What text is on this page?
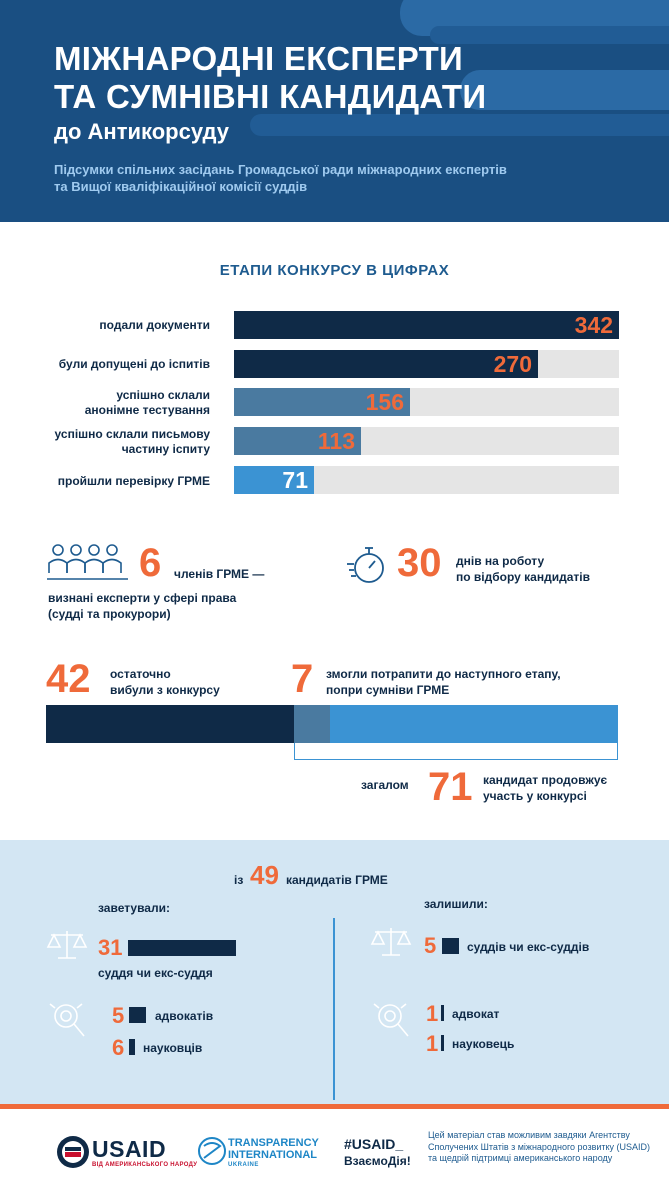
МІЖНАРОДНІ ЕКСПЕРТИ
ТА СУМНІВНІ КАНДИДАТИ
до Антикорсуду
Підсумки спільних засідань Громадської ради міжнародних експертів
та Вищої кваліфікаційної комісії суддів
ЕТАПИ КОНКУРСУ В ЦИФРАХ
подали документи	342
були допущені до іспитів	270
успішно склали анонімне тестування	156
успішно склали письмову частину іспиту	113
пройшли перевірку ГРМЕ	71
6 членів ГРМЕ —
визнані експерти у сфері права
(судді та прокурори)
30 днів на роботу
по відбору кандидатів
42 остаточно
вибули з конкурсу 7 змогли потрапити до наступного етапу,
попри сумніви ГРМЕ
загалом 71 кандидат продовжує
участь у конкурсі
із 49 кандидатів ГРМЕ
заветували:
31
суддя чи екс-суддя
5	адвокатів
6 науковців
залишили:
5	суддів чи екс-суддів
1 адвокат
1 науковець
USAID
ВІД АМЕРИКАНСЬКОГО НАРОДУ
TRANSPARENCY
INTERNATIONAL
UKRAINE
#USAID_
ВзаємоДія!
Цей матеріал став можливим завдяки Агентству Сполучених Штатів з міжнародного розвитку (USAID) та щедрій підтримці американського народу
